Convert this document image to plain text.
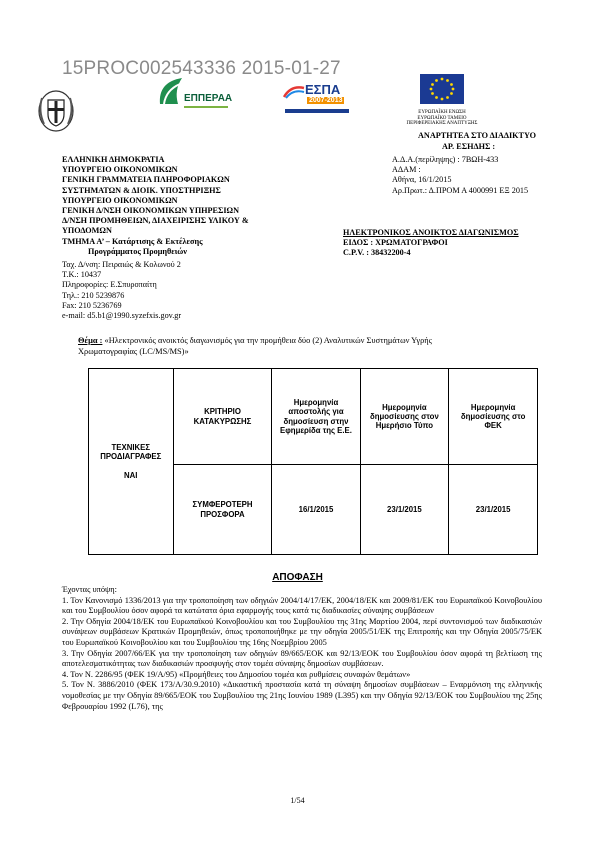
15PROC002543336 2015-01-27
ΕΠΠΕΡΑΑ
ΕΣΠΑ
2007-2013
ΕΥΡΩΠΑΪΚΗ ΕΝΩΣΗ
ΕΥΡΩΠΑΪΚΟ ΤΑΜΕΙΟ
ΠΕΡΙΦΕΡΕΙΑΚΗΣ ΑΝΑΠΤΥΞΗΣ
ΑΝΑΡΤΗΤΕΑ ΣΤΟ ΔΙΑΔΙΚΤΥΟ
ΑΡ. ΕΣΗΔΗΣ :
ΕΛΛΗΝΙΚΗ ΔΗΜΟΚΡΑΤΙΑ
ΥΠΟΥΡΓΕΙΟ ΟΙΚΟΝΟΜΙΚΩΝ
ΓΕΝΙΚΗ ΓΡΑΜΜΑΤΕΙΑ ΠΛΗΡΟΦΟΡΙΑΚΩΝ
ΣΥΣΤΗΜΑΤΩΝ & ΔΙΟΙΚ. ΥΠΟΣΤΗΡΙΞΗΣ
ΥΠΟΥΡΓΕΙΟ ΟΙΚΟΝΟΜΙΚΩΝ
ΓΕΝΙΚΗ Δ/ΝΣΗ ΟΙΚΟΝΟΜΙΚΩΝ ΥΠΗΡΕΣΙΩΝ
Δ/ΝΣΗ ΠΡΟΜΗΘΕΙΩΝ, ΔΙΑΧΕΙΡΙΣΗΣ ΥΛΙΚΟΥ &
ΥΠΟΔΟΜΩΝ
ΤΜΗΜΑ Α’ – Κατάρτισης & Εκτέλεσης
Προγράμματος Προμηθειών
Ταχ. Δ/νση: Πειραιώς & Κολωνού 2
Τ.Κ.: 10437
Πληροφορίες: Ε.Σπυροπαίτη
Τηλ.: 210 5239876
Fax: 210 5236769
e-mail: d5.b1@1990.syzefxis.gov.gr
Α.Δ.Α.(περίληψης) : 7ΒΩΗ-433
ΑΔΑΜ :
Αθήνα, 16/1/2015
Αρ.Πρωτ.: Δ.ΠΡΟΜ Α 4000991 ΕΞ 2015
ΗΛΕΚΤΡΟΝΙΚΟΣ ΑΝΟΙΚΤΟΣ ΔΙΑΓΩΝΙΣΜΟΣ
ΕΙΔΟΣ : ΧΡΩΜΑΤΟΓΡΑΦΟΙ
C.P.V. : 38432200-4
Θέμα : «Ηλεκτρονικός ανοικτός διαγωνισμός για την προμήθεια δύο (2) Αναλυτικών Συστημάτων Υγρής
Χρωματογραφίας (LC/MS/MS)»
ΤΕΧΝΙΚΕΣ ΠΡΟΔΙΑΓΡΑΦΕΣ
ΝΑΙ	ΚΡΙΤΗΡΙΟ ΚΑΤΑΚΥΡΩΣΗΣ	Ημερομηνία αποστολής για δημοσίευση στην Εφημερίδα της Ε.Ε.	Ημερομηνία δημοσίευσης στον Ημερήσιο Τύπο	Ημερομηνία δημοσίευσης στο ΦΕΚ
	ΣΥΜΦΕΡΟΤΕΡΗ ΠΡΟΣΦΟΡΑ	16/1/2015	23/1/2015	23/1/2015
ΑΠΟΦΑΣΗ

Έχοντας υπόψη:

1. Τον Κανονισμό 1336/2013 για την τροποποίηση των οδηγιών 2004/14/17/ΕΚ, 2004/18/ΕΚ και 2009/81/ΕΚ του Ευρωπαϊκού Κοινοβουλίου και του Συμβουλίου όσον αφορά τα κατώτατα όρια εφαρμογής τους κατά τις διαδικασίες σύναψης συμβάσεων

2. Την Οδηγία 2004/18/ΕΚ του Ευρωπαϊκού Κοινοβουλίου και του Συμβουλίου της 31ης Μαρτίου 2004, περί συντονισμού των διαδικασιών συνάψεων συμβάσεων Κρατικών Προμηθειών, όπως τροποποιήθηκε με την οδηγία 2005/51/ΕΚ της Επιτροπής και την Οδηγία 2005/75/ΕΚ του Ευρωπαϊκού Κοινοβουλίου και του Συμβουλίου της 16ης Νοεμβρίου 2005

3. Την Οδηγία 2007/66/ΕΚ για την τροποποίηση των οδηγιών 89/665/ΕΟΚ και 92/13/ΕΟΚ του Συμβουλίου όσον αφορά τη βελτίωση της αποτελεσματικότητας των διαδικασιών προσφυγής στον τομέα σύναψης δημοσίων συμβάσεων.

4. Τον Ν. 2286/95 (ΦΕΚ 19/Α/95) «Προμήθειες του Δημοσίου τομέα και ρυθμίσεις συναφών θεμάτων»

5. Τον Ν. 3886/2010 (ΦΕΚ 173/Α/30.9.2010) «Δικαστική προστασία κατά τη σύναψη δημοσίων συμβάσεων – Εναρμόνιση της ελληνικής νομοθεσίας με την Οδηγία 89/665/ΕΟΚ του Συμβουλίου της 21ης Ιουνίου 1989 (L395) και την Οδηγία 92/13/ΕΟΚ του Συμβουλίου της 25ης Φεβρουαρίου 1992 (L76), της

1/54
